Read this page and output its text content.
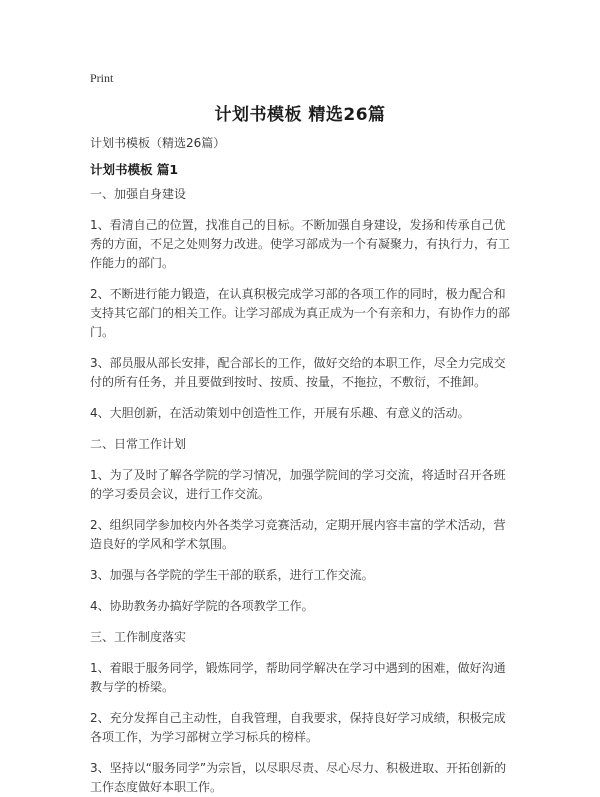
Print
计划书模板 精选26篇
计划书模板（精选26篇）
计划书模板 篇1

一、加强自身建设

1、看清自己的位置，找准自己的目标。不断加强自身建设，发扬和传承自己优秀的方面，不足之处则努力改进。使学习部成为一个有凝聚力，有执行力，有工作能力的部门。

2、不断进行能力锻造，在认真积极完成学习部的各项工作的同时，极力配合和支持其它部门的相关工作。让学习部成为真正成为一个有亲和力，有协作力的部门。

3、部员服从部长安排，配合部长的工作，做好交给的本职工作，尽全力完成交付的所有任务，并且要做到按时、按质、按量，不拖拉，不敷衍，不推卸。

4、大胆创新，在活动策划中创造性工作，开展有乐趣、有意义的活动。

二、日常工作计划

1、为了及时了解各学院的学习情况，加强学院间的学习交流，将适时召开各班的学习委员会议，进行工作交流。

2、组织同学参加校内外各类学习竞赛活动，定期开展内容丰富的学术活动，营造良好的学风和学术氛围。

3、加强与各学院的学生干部的联系，进行工作交流。

4、协助教务办搞好学院的各项教学工作。

三、工作制度落实

1、着眼于服务同学，锻炼同学，帮助同学解决在学习中遇到的困难，做好沟通教与学的桥梁。

2、充分发挥自己主动性，自我管理，自我要求，保持良好学习成绩，积极完成各项工作，为学习部树立学习标兵的榜样。

3、坚持以“服务同学”为宗旨，以尽职尽责、尽心尽力、积极进取、开拓创新的工作态度做好本职工作。
